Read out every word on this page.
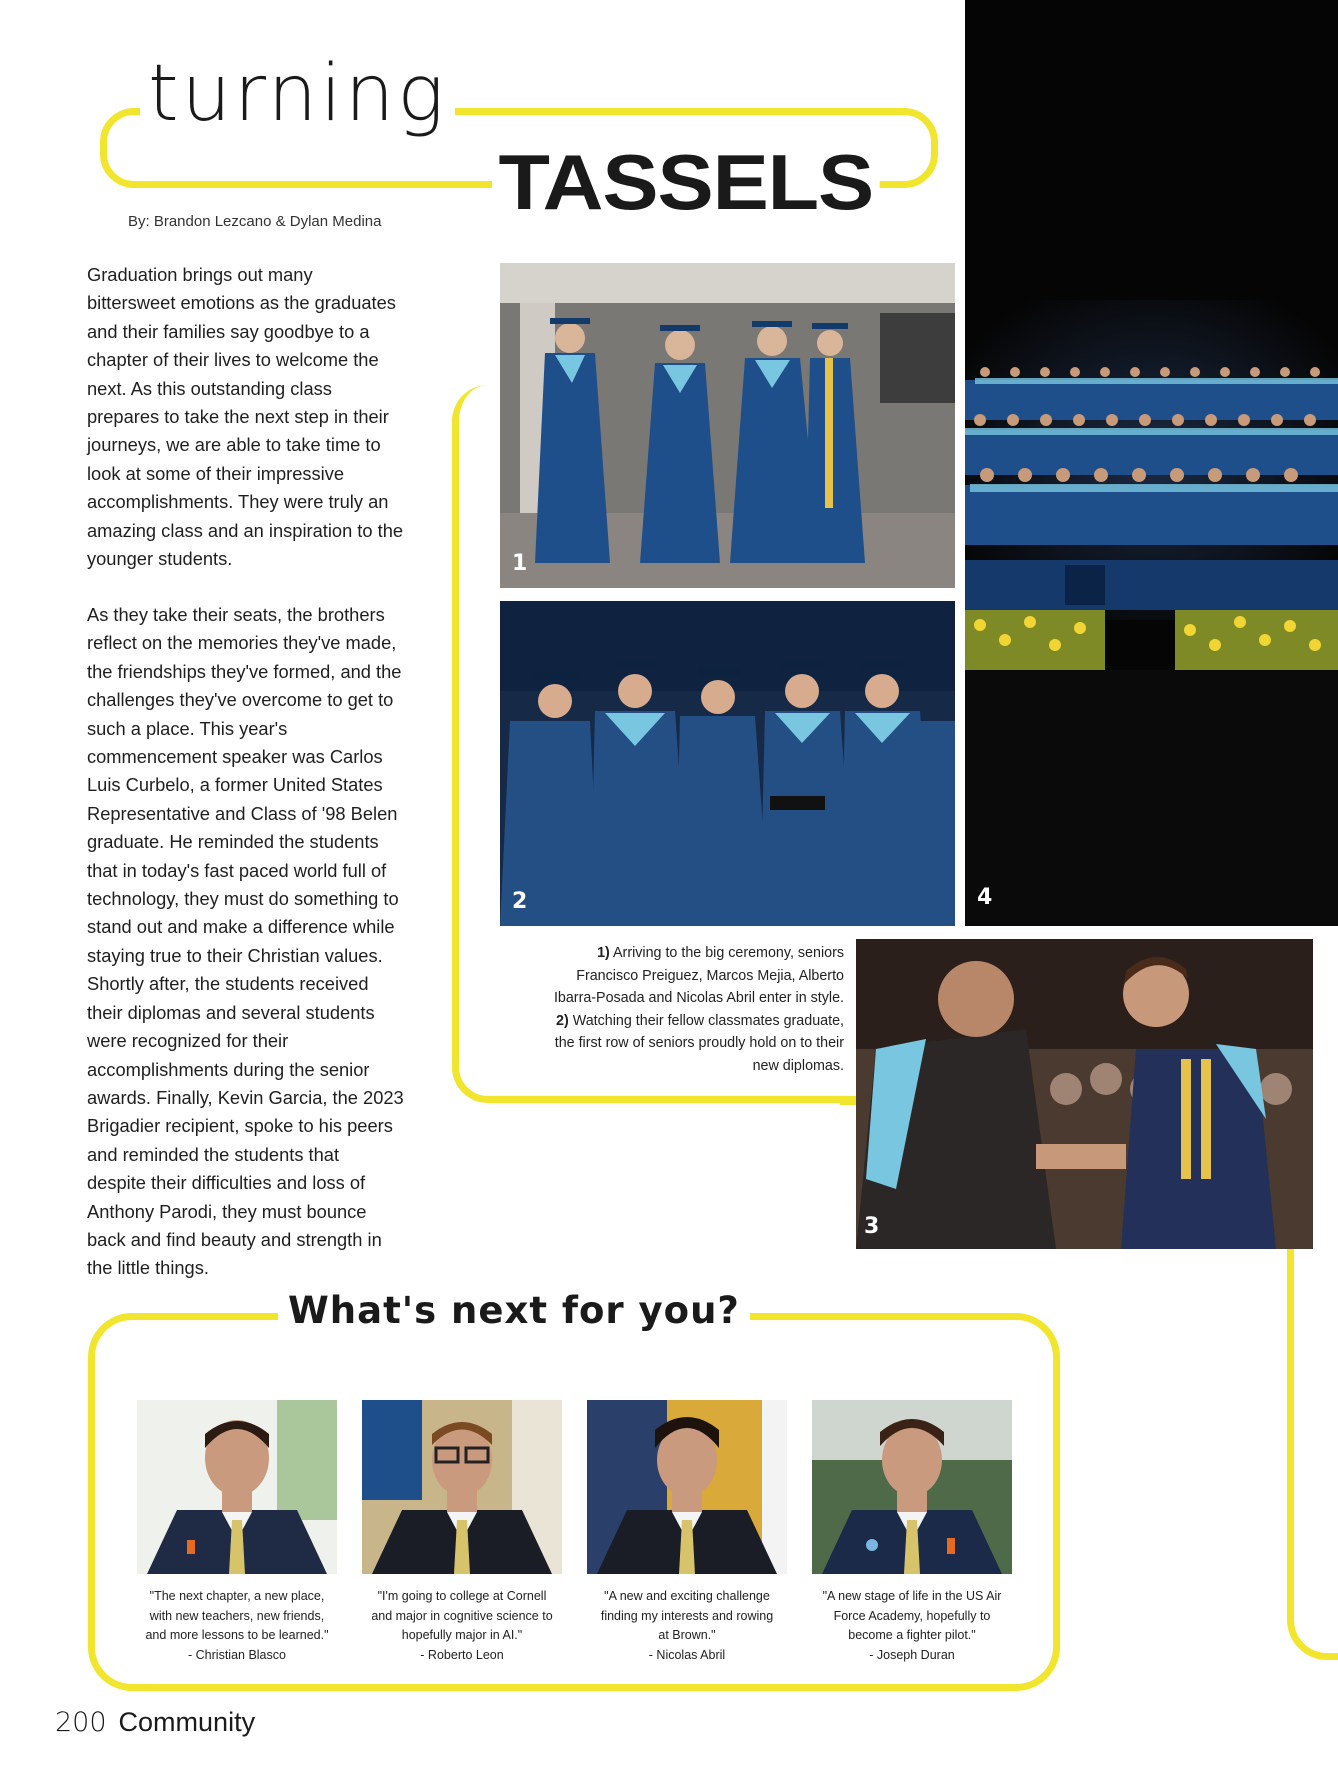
turning
TASSELS
By: Brandon Lezcano & Dylan Medina
Graduation brings out many
bittersweet emotions as the graduates
and their families say goodbye to a
chapter of their lives to welcome the
next. As this outstanding class
prepares to take the next step in their
journeys, we are able to take time to
look at some of their impressive
accomplishments. They were truly an
amazing class and an inspiration to the
younger students.
As they take their seats, the brothers
reflect on the memories they've made,
the friendships they've formed, and the
challenges they've overcome to get to
such a place. This year's
commencement speaker was Carlos
Luis Curbelo, a former United States
Representative and Class of '98 Belen
graduate. He reminded the students
that in today's fast paced world full of
technology, they must do something to
stand out and make a difference while
staying true to their Christian values.
Shortly after, the students received
their diplomas and several students
were recognized for their
accomplishments during the senior
awards. Finally, Kevin Garcia, the 2023
Brigadier recipient, spoke to his peers
and reminded the students that
despite their difficulties and loss of
Anthony Parodi, they must bounce
back and find beauty and strength in
the little things.
4
1
2
1) Arriving to the big ceremony, seniors
Francisco Preiguez, Marcos Mejia, Alberto
Ibarra-Posada and Nicolas Abril enter in style.
2) Watching their fellow classmates graduate,
the first row of seniors proudly hold on to their
new diplomas.
3
What's next for you?
"The next chapter, a new place,
with new teachers, new friends,
and more lessons to be learned."
- Christian Blasco
"I'm going to college at Cornell
and major in cognitive science to
hopefully major in AI."
- Roberto Leon
"A new and exciting challenge
finding my interests and rowing
at Brown."
- Nicolas Abril
"A new stage of life in the US Air
Force Academy, hopefully to
become a fighter pilot."
- Joseph Duran
200 Community
